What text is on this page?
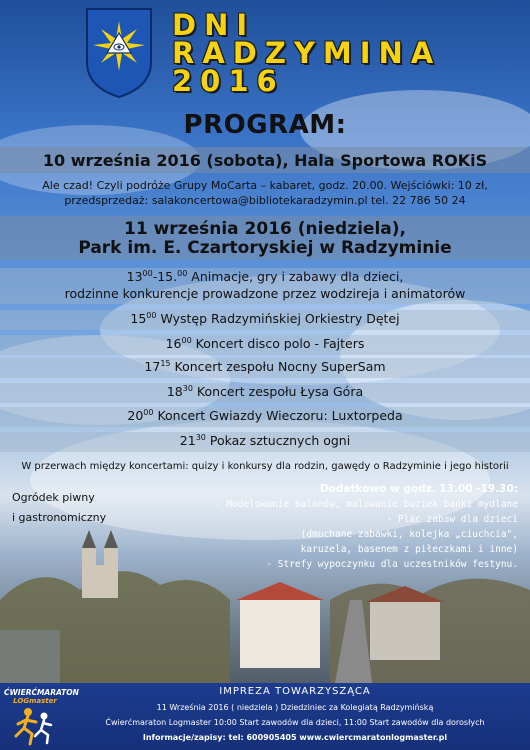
DNI
RADZYMINA
2016
PROGRAM:
10 września 2016 (sobota), Hala Sportowa ROKiS
Ale czad! Czyli podróże Grupy MoCarta – kabaret, godz. 20.00. Wejściówki: 10 zł,
przedsprzedaż: salakoncertowa@bibliotekaradzymin.pl tel. 22 786 50 24
11 września 2016 (niedziela),
Park im. E. Czartoryskiej w Radzyminie
$13^{00}-15.00$ Animacje, gry i zabawy dla dzieci,
rodzinne konkurencje prowadzone przez wodzireja i animatorów
$15^{00}$ Występ Radzymińskiej Orkiestry Dętej
$16^{00}$ Koncert disco polo - Fajters
$17^{15}$ Koncert zespołu Nocny SuperSam
$18^{30}$ Koncert zespołu Łysa Góra
$20^{00}$ Koncert Gwiazdy Wieczoru: Luxtorpeda
$21^{30}$ Pokaz sztucznych ogni
W przerwach między koncertami: quizy i konkursy dla rodzin, gawędy o Radzyminie i jego historii
Ogródek piwny
i gastronomiczny
Dodatkowo w godz. 13.00 -19.30:
- Modelowanie balonów, malowanie buziek bańki mydlane
- Plac zabaw dla dzieci
(dmuchane zabawki, kolejka „ciuchcia",
karuzela, basenem z piłeczkami i inne)
- Strefy wypoczynku dla uczestników festynu.
IMPREZA TOWARZYSZĄCA
11 Września 2016 ( niedziela ) Dziedziniec za Kolegiatą Radzymińską
Ćwierćmaraton Logmaster 10:00 Start zawodów dla dzieci, 11:00 Start zawodów dla dorosłych
Informacje/zapisy: tel: 600905405 www.cwiercmaratonlogmaster.pl
ĆWIERĆMARATON
LOGmaster
